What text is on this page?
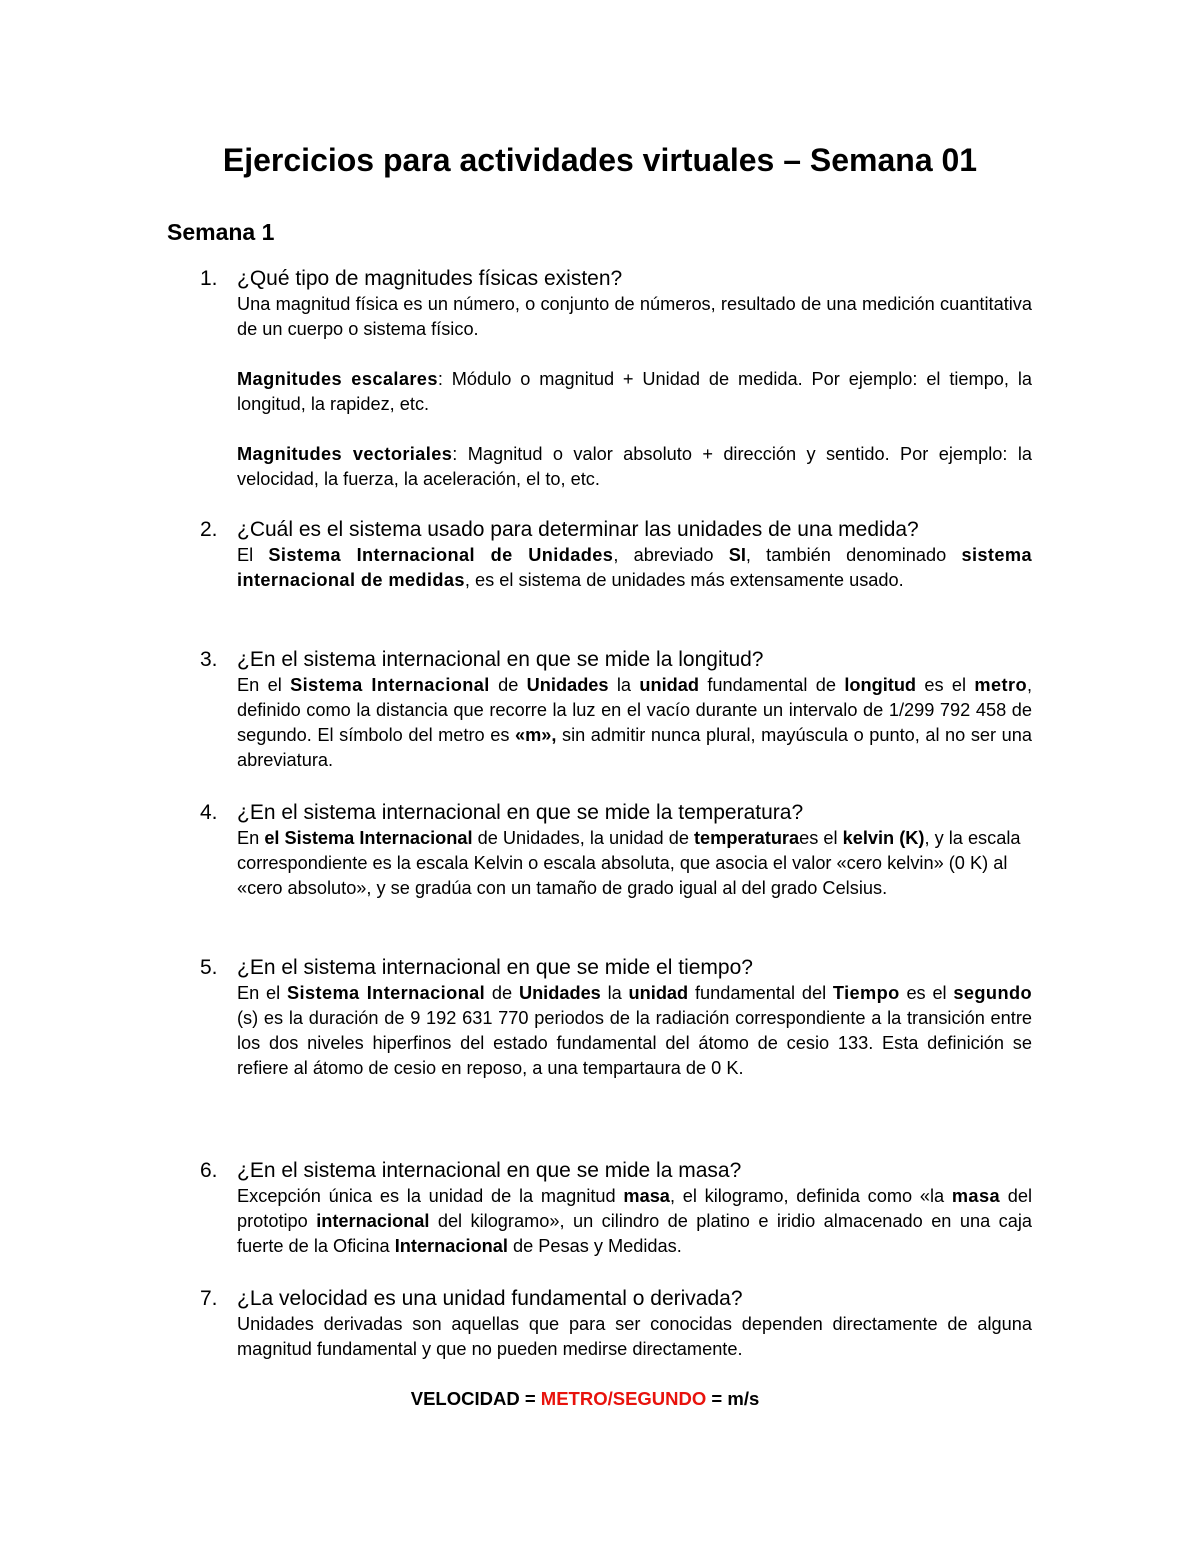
Ejercicios para actividades virtuales – Semana 01
Semana 1
1. ¿Qué tipo de magnitudes físicas existen?
Una magnitud física es un número, o conjunto de números, resultado de una medición cuantitativa de un cuerpo o sistema físico.
Magnitudes escalares: Módulo o magnitud + Unidad de medida. Por ejemplo: el tiempo, la longitud, la rapidez, etc.
Magnitudes vectoriales: Magnitud o valor absoluto + dirección y sentido. Por ejemplo: la velocidad, la fuerza, la aceleración, el to, etc.
2. ¿Cuál es el sistema usado para determinar las unidades de una medida?
El Sistema Internacional de Unidades, abreviado SI, también denominado sistema internacional de medidas, es el sistema de unidades más extensamente usado.
3. ¿En el sistema internacional en que se mide la longitud?
En el Sistema Internacional de Unidades la unidad fundamental de longitud es el metro, definido como la distancia que recorre la luz en el vacío durante un intervalo de 1/299 792 458 de segundo. El símbolo del metro es «m», sin admitir nunca plural, mayúscula o punto, al no ser una abreviatura.
4. ¿En el sistema internacional en que se mide la temperatura?
En el Sistema Internacional de Unidades, la unidad de temperaturaes el kelvin (K), y la escala correspondiente es la escala Kelvin o escala absoluta, que asocia el valor «cero kelvin» (0 K) al «cero absoluto», y se gradúa con un tamaño de grado igual al del grado Celsius.
5. ¿En el sistema internacional en que se mide el tiempo?
En el Sistema Internacional de Unidades la unidad fundamental del Tiempo es el segundo (s) es la duración de 9 192 631 770 periodos de la radiación correspondiente a la transición entre los dos niveles hiperfinos del estado fundamental del átomo de cesio 133. Esta definición se refiere al átomo de cesio en reposo, a una tempartaura de 0 K.
6. ¿En el sistema internacional en que se mide la masa?
Excepción única es la unidad de la magnitud masa, el kilogramo, definida como «la masa del prototipo internacional del kilogramo», un cilindro de platino e iridio almacenado en una caja fuerte de la Oficina Internacional de Pesas y Medidas.
7. ¿La velocidad es una unidad fundamental o derivada?
Unidades derivadas son aquellas que para ser conocidas dependen directamente de alguna magnitud fundamental y que no pueden medirse directamente.
VELOCIDAD = METRO/SEGUNDO = m/s
